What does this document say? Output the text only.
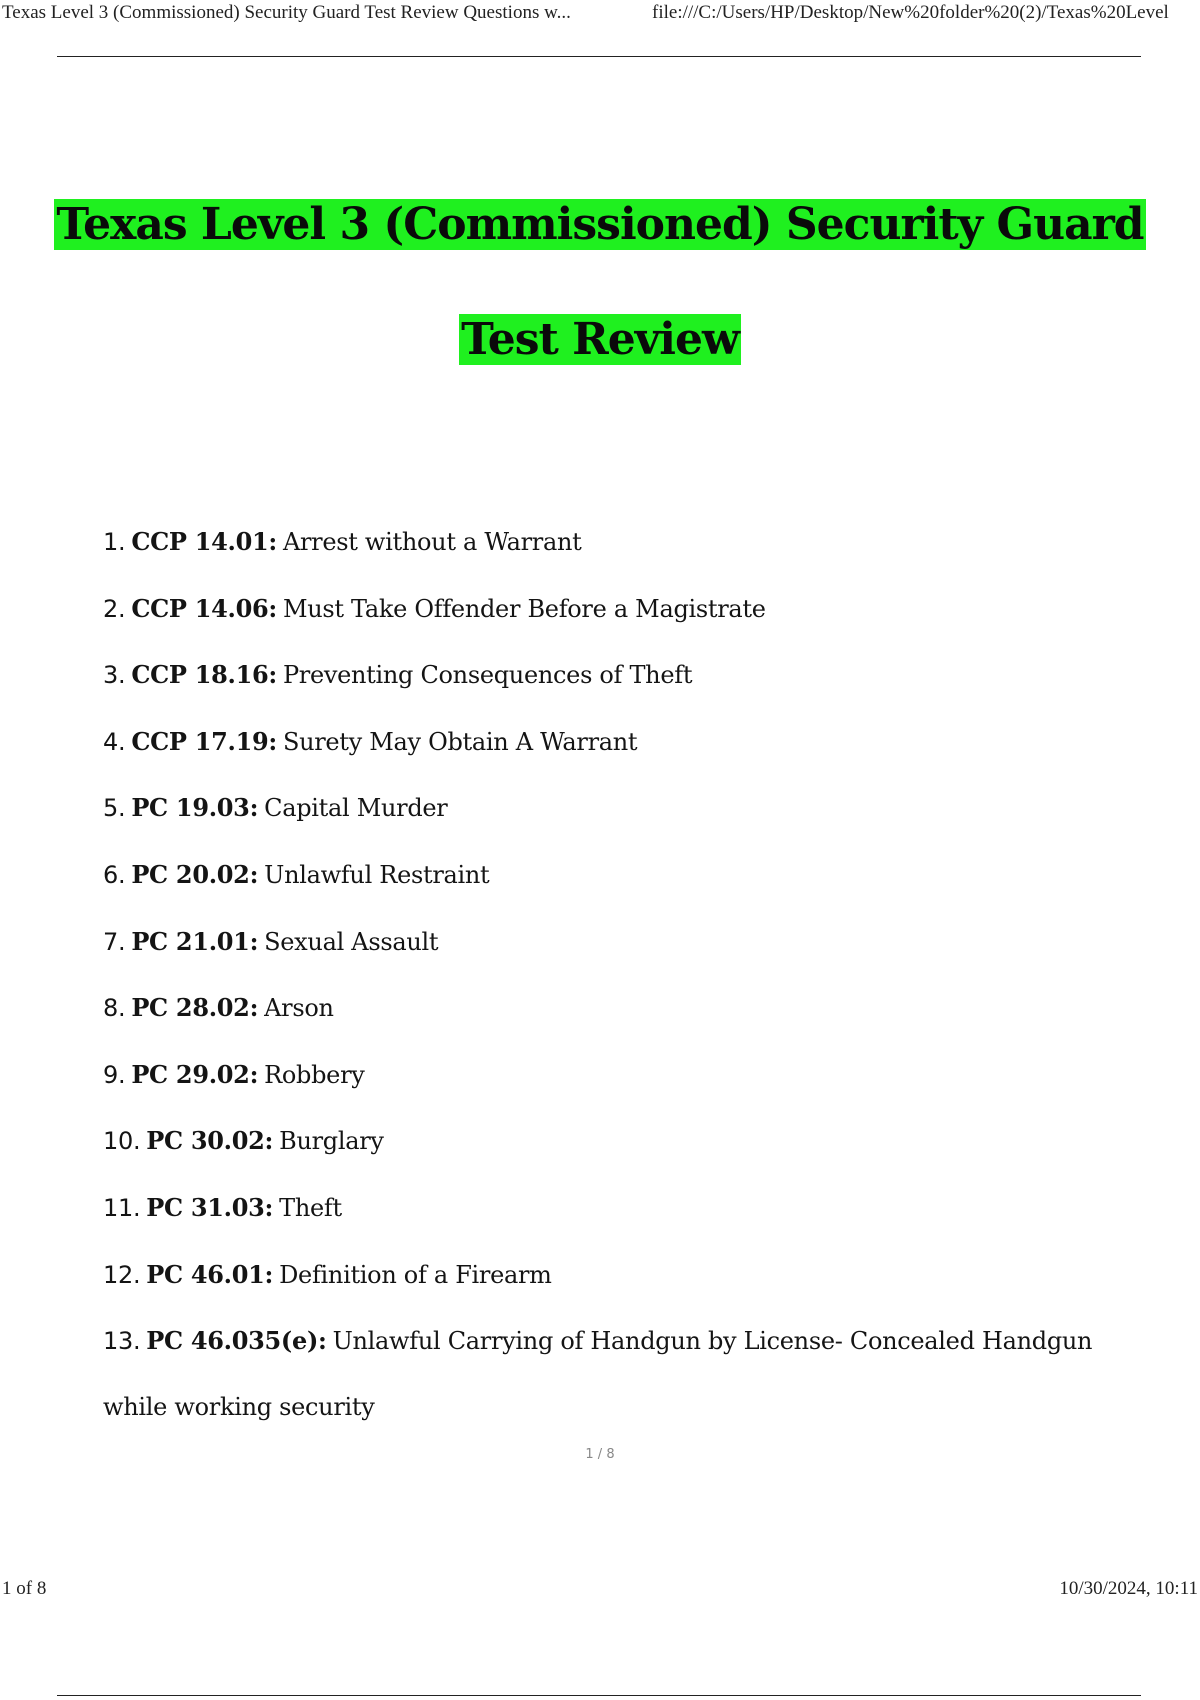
Texas Level 3 (Commissioned) Security Guard Test Review Questions w...	file:///C:/Users/HP/Desktop/New%20folder%20(2)/Texas%20Level
Texas Level 3 (Commissioned) Security Guard
Test Review
1. CCP 14.01: Arrest without a Warrant
2. CCP 14.06: Must Take Offender Before a Magistrate
3. CCP 18.16: Preventing Consequences of Theft
4. CCP 17.19: Surety May Obtain A Warrant
5. PC 19.03: Capital Murder
6. PC 20.02: Unlawful Restraint
7. PC 21.01: Sexual Assault
8. PC 28.02: Arson
9. PC 29.02: Robbery
10. PC 30.02: Burglary
11. PC 31.03: Theft
12. PC 46.01: Definition of a Firearm
13. PC 46.035(e): Unlawful Carrying of Handgun by License- Concealed Handgun
while working security
1 / 8
1 of 8	10/30/2024, 10:11
